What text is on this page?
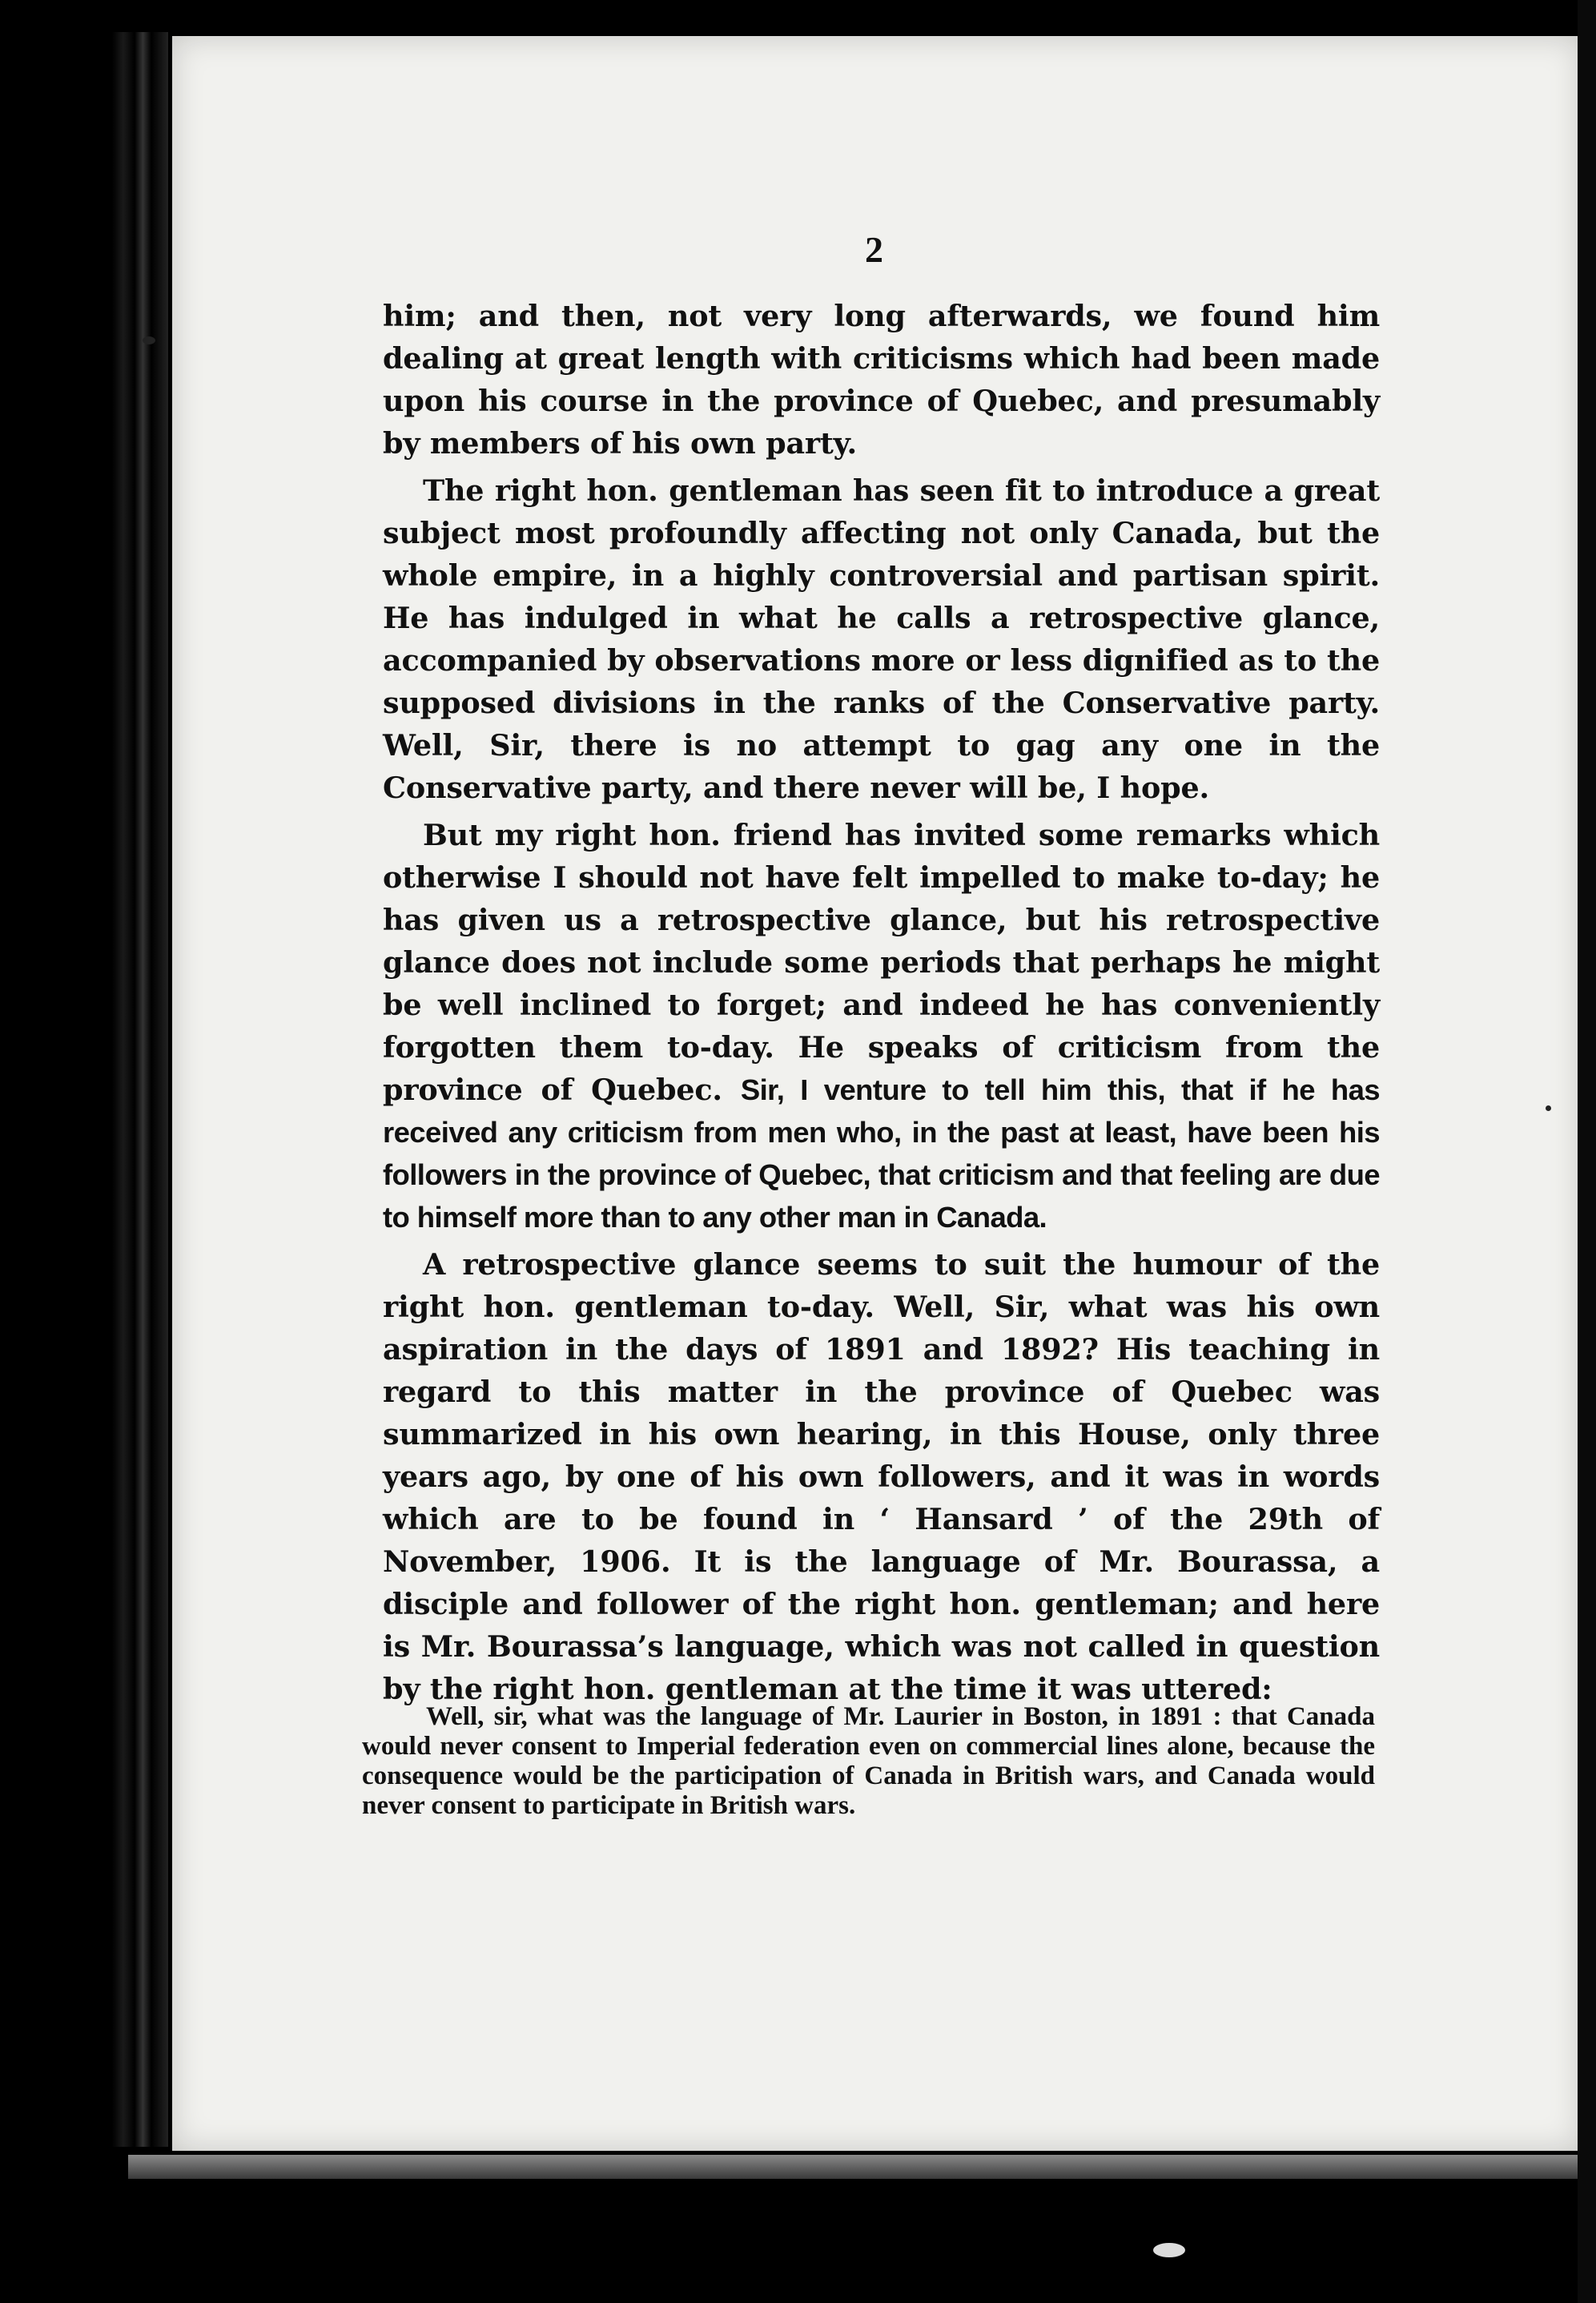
2

him; and then, not very long afterwards, we found him dealing at great length with criticisms which had been made upon his course in the province of Quebec, and presumably by members of his own party.

The right hon. gentleman has seen fit to introduce a great subject most profoundly affecting not only Canada, but the whole empire, in a highly controversial and partisan spirit. He has indulged in what he calls a retrospective glance, accompanied by observations more or less dignified as to the supposed divisions in the ranks of the Conservative party. Well, Sir, there is no attempt to gag any one in the Conservative party, and there never will be, I hope.

But my right hon. friend has invited some remarks which otherwise I should not have felt impelled to make to-day; he has given us a retrospective glance, but his retrospective glance does not include some periods that perhaps he might be well inclined to forget; and indeed he has conveniently forgotten them to-day. He speaks of criticism from the province of Quebec. Sir, I venture to tell him this, that if he has received any criticism from men who, in the past at least, have been his followers in the province of Quebec, that criticism and that feeling are due to himself more than to any other man in Canada.

A retrospective glance seems to suit the humour of the right hon. gentleman to-day. Well, Sir, what was his own aspiration in the days of 1891 and 1892? His teaching in regard to this matter in the province of Quebec was summarized in his own hearing, in this House, only three years ago, by one of his own followers, and it was in words which are to be found in ‘ Hansard ’ of the 29th of November, 1906. It is the language of Mr. Bourassa, a disciple and follower of the right hon. gentleman; and here is Mr. Bourassa’s language, which was not called in question by the right hon. gentleman at the time it was uttered:

Well, sir, what was the language of Mr. Laurier in Boston, in 1891 : that Canada would never consent to Imperial federation even on commercial lines alone, because the consequence would be the participation of Canada in British wars, and Canada would never consent to participate in British wars.
